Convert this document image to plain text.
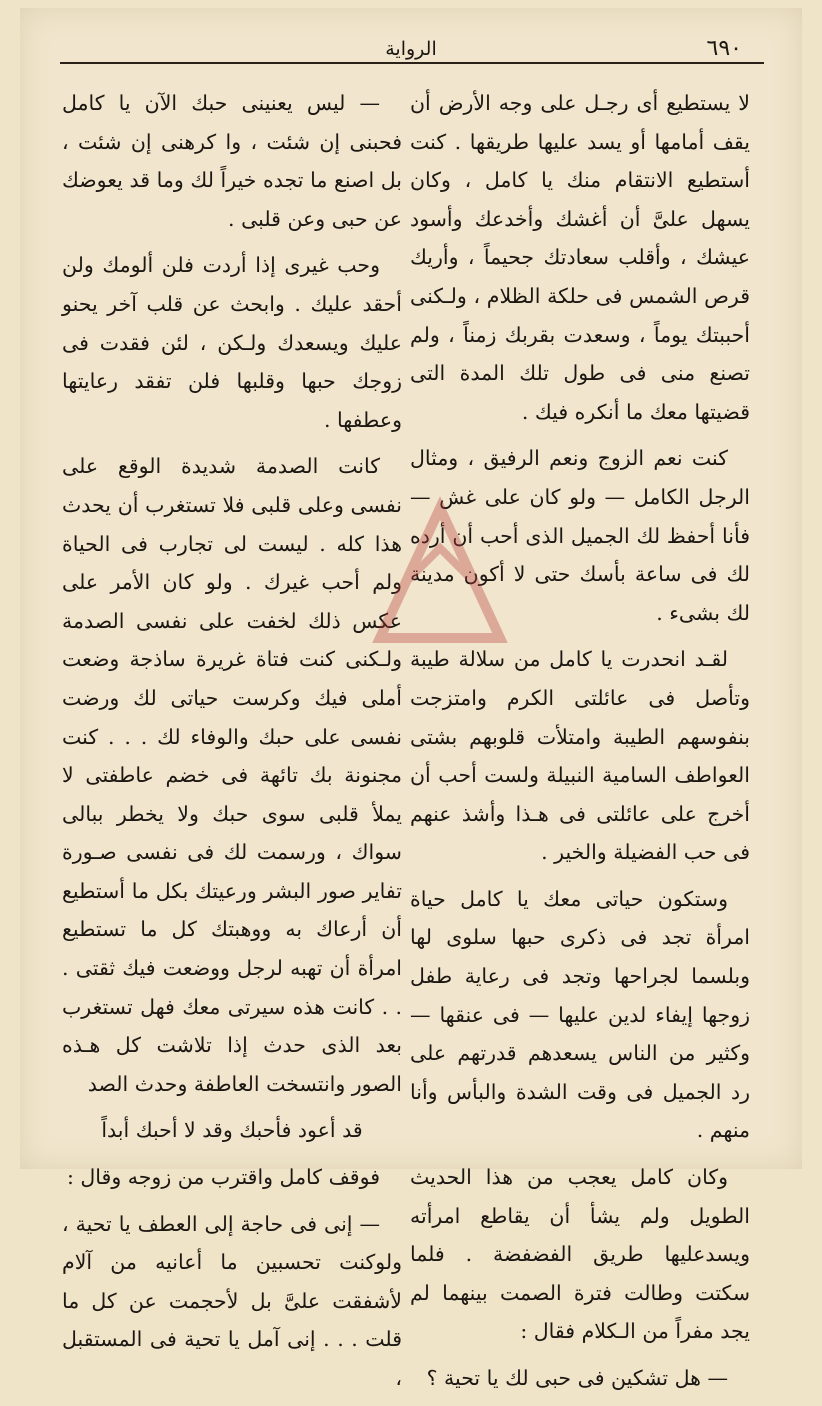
٦٩٠
الرواية

لا يستطيع أى رجـل على وجه الأرض أن يقف أمامها أو يسد عليها طريقها . كنت أستطيع الانتقام منك يا كامل ، وكان يسهل علىَّ أن أغشك وأخدعك وأسود عيشك ، وأقلب سعادتك جحيماً ، وأريك قرص الشمس فى حلكة الظلام ، ولـكنى أحببتك يوماً ، وسعدت بقربك زمناً ، ولم تصنع منى فى طول تلك المدة التى قضيتها معك ما أنكره فيك .

كنت نعم الزوج ونعم الرفيق ، ومثال الرجل الكامل — ولو كان على غش — فأنا أحفظ لك الجميل الذى أحب أن أرده لك فى ساعة بأسك حتى لا أكون مدينة لك بشىء .

لقـد انحدرت يا كامل من سلالة طيبة وتأصل فى عائلتى الكرم وامتزجت بنفوسهم الطيبة وامتلأت قلوبهم بشتى العواطف السامية النبيلة ولست أحب أن أخرج على عائلتى فى هـذا وأشذ عنهم فى حب الفضيلة والخير .

وستكون حياتى معك يا كامل حياة امرأة تجد فى ذكرى حبها سلوى لها وبلسما لجراحها وتجد فى رعاية طفل زوجها إيفاء لدين عليها — فى عنقها — وكثير من الناس يسعدهم قدرتهم على رد الجميل فى وقت الشدة والبأس وأنا منهم .

وكان كامل يعجب من هذا الحديث الطويل ولم يشأ أن يقاطع امرأته ويسدعليها طريق الفضفضة . فلما سكتت وطالت فترة الصمت بينهما لم يجد مفراً من الـكلام فقال :

— هل تشكين فى حبى لك يا تحية ؟

— ليس يعنينى حبك الآن يا كامل فحبنى إن شئت ، وا كرهنى إن شئت ، بل اصنع ما تجده خيراً لك وما قد يعوضك عن حبى وعن قلبى .

وحب غيرى إذا أردت فلن ألومك ولن أحقد عليك . وابحث عن قلب آخر يحنو عليك ويسعدك ولـكن ، لئن فقدت فى زوجك حبها وقلبها فلن تفقد رعايتها وعطفها .

كانت الصدمة شديدة الوقع على نفسى وعلى قلبى فلا تستغرب أن يحدث هذا كله . ليست لى تجارب فى الحياة ولم أحب غيرك . ولو كان الأمر على عكس ذلك لخفت على نفسى الصدمة ولـكنى كنت فتاة غريرة ساذجة وضعت أملى فيك وكرست حياتى لك ورضت نفسى على حبك والوفاء لك . . . كنت مجنونة بك تائهة فى خضم عاطفتى لا يملأ قلبى سوى حبك ولا يخطر ببالى سواك ، ورسمت لك فى نفسى صـورة تفاير صور البشر ورعيتك بكل ما أستطيع أن أرعاك به ووهبتك كل ما تستطيع امرأة أن تهبه لرجل ووضعت فيك ثقتى . . . كانت هذه سيرتى معك فهل تستغرب بعد الذى حدث إذا تلاشت كل هـذه الصور وانتسخت العاطفة وحدث الصد

قد أعود فأحبك وقد لا أحبك أبداً

فوقف كامل واقترب من زوجه وقال :

— إنى فى حاجة إلى العطف يا تحية ، ولوكنت تحسبين ما أعانيه من آلام لأشفقت علىَّ بل لأحجمت عن كل ما قلت . . . إنى آمل يا تحية فى المستقبل ،
